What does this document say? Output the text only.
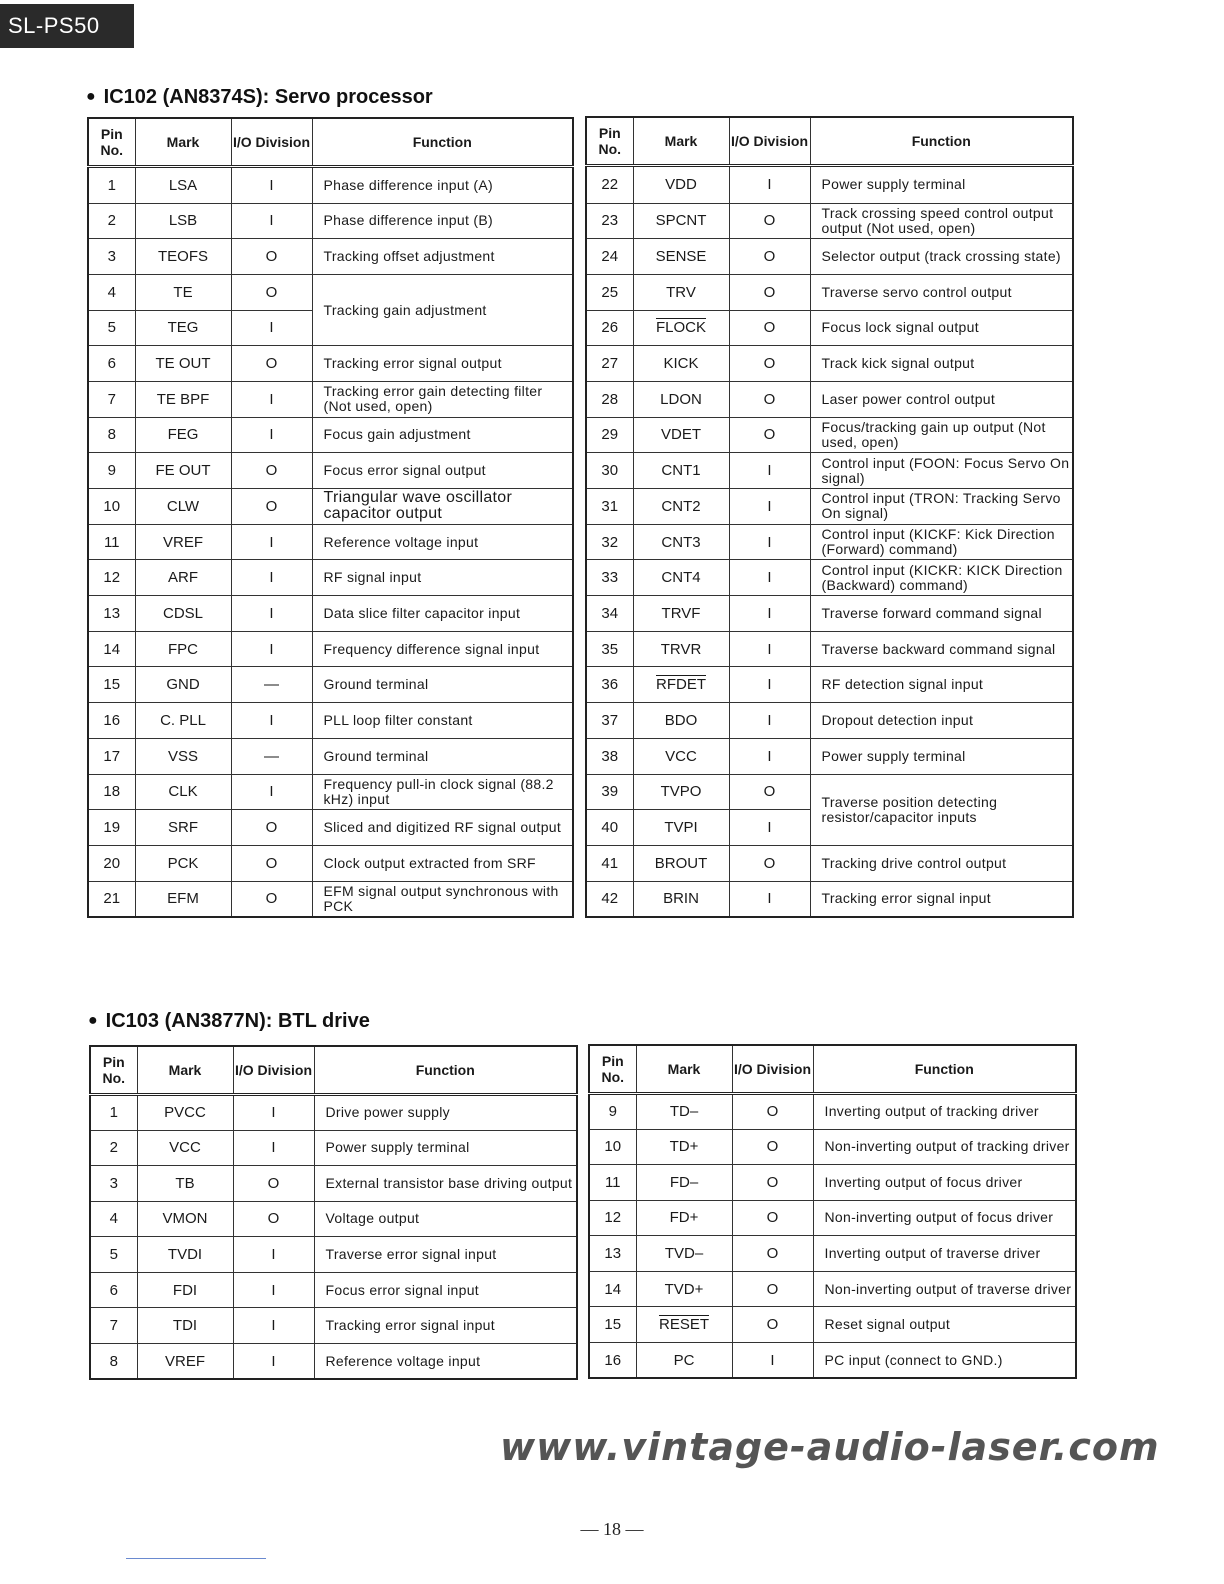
SL-PS50
● IC102 (AN8374S): Servo processor
Pin No.	Mark	I/O Division	Function
1	LSA	I	Phase difference input (A)
2	LSB	I	Phase difference input (B)
3	TEOFS	O	Tracking offset adjustment
4	TE	O	Tracking gain adjustment
5	TEG	I	
6	TE OUT	O	Tracking error signal output
7	TE BPF	I	Tracking error gain detecting filter (Not used, open)
8	FEG	I	Focus gain adjustment
9	FE OUT	O	Focus error signal output
10	CLW	O	Triangular wave oscillator capacitor output
11	VREF	I	Reference voltage input
12	ARF	I	RF signal input
13	CDSL	I	Data slice filter capacitor input
14	FPC	I	Frequency difference signal input
15	GND	—	Ground terminal
16	C. PLL	I	PLL loop filter constant
17	VSS	—	Ground terminal
18	CLK	I	Frequency pull-in clock signal (88.2 kHz) input
19	SRF	O	Sliced and digitized RF signal output
20	PCK	O	Clock output extracted from SRF
21	EFM	O	EFM signal output synchronous with PCK
Pin No.	Mark	I/O Division	Function
22	VDD	I	Power supply terminal
23	SPCNT	O	Track crossing speed control output output (Not used, open)
24	SENSE	O	Selector output (track crossing state)
25	TRV	O	Traverse servo control output
26	FLOCK	O	Focus lock signal output
27	KICK	O	Track kick signal output
28	LDON	O	Laser power control output
29	VDET	O	Focus/tracking gain up output (Not used, open)
30	CNT1	I	Control input (FOON: Focus Servo On signal)
31	CNT2	I	Control input (TRON: Tracking Servo On signal)
32	CNT3	I	Control input (KICKF: Kick Direction (Forward) command)
33	CNT4	I	Control input (KICKR: KICK Direction (Backward) command)
34	TRVF	I	Traverse forward command signal
35	TRVR	I	Traverse backward command signal
36	RFDET	I	RF detection signal input
37	BDO	I	Dropout detection input
38	VCC	I	Power supply terminal
39	TVPO	O	Traverse position detecting resistor/capacitor inputs
40	TVPI	I	
41	BROUT	O	Tracking drive control output
42	BRIN	I	Tracking error signal input
● IC103 (AN3877N): BTL drive
Pin No.	Mark	I/O Division	Function
1	PVCC	I	Drive power supply
2	VCC	I	Power supply terminal
3	TB	O	External transistor base driving output
4	VMON	O	Voltage output
5	TVDI	I	Traverse error signal input
6	FDI	I	Focus error signal input
7	TDI	I	Tracking error signal input
8	VREF	I	Reference voltage input
Pin No.	Mark	I/O Division	Function
9	TD–	O	Inverting output of tracking driver
10	TD+	O	Non-inverting output of tracking driver
11	FD–	O	Inverting output of focus driver
12	FD+	O	Non-inverting output of focus driver
13	TVD–	O	Inverting output of traverse driver
14	TVD+	O	Non-inverting output of traverse driver
15	RESET	O	Reset signal output
16	PC	I	PC input (connect to GND.)
www.vintage-audio-laser.com
— 18 —
